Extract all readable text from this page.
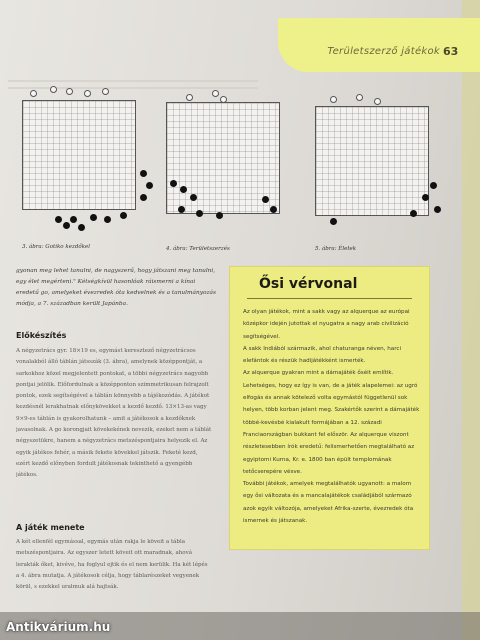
Területszerző játékok 63
3. ábra: Gotiko kezdőkel	4. ábra: Területszerzés	5. ábra: Életek

gyonan meg lehet tanulni, de nagyszerű, hogy játszani meg tanulni, egy élet megérteni." Kétségkívül hasonlóak ráismerni a kínai eredetű go, amelyeket évezredek óta kedvelnek és a tanulmányozás módja, a 7. században került Japánba.

Előkészítés
A négyzetrács gyr. 18×19 es, egymást keresztező négyzetrácsos vonalakból álló táblán játsszák (3. ábra), amelynek középpontját, a sarkokhoz közel megjelentett pontokat, a többi négyzetrács nagyobb pontjai jelölik. Előfordulnak a középponton szimmetrikusan felrajzolt pontok, ezek segítségével a táblán könnyebb a tájékozódás. A játékot kezdésnél lerakhatnak előnykövekket a kezdő kezdő. 13×13-as vagy 9×9-es táblán is gyakorolhatunk – amit a játékosok a kezdőknek javasolnak. A go korongjait kövekekének nevezik, ezeket nem a táblát négyszetükre, hanem a négyzetrács metszéspontjaira helyezik el. Az egyik játékos fehér, a másik fekete kövekkel játszik. Feketé kezd, ezért kezdő előnyben fordult játékosnak tekinthető a gyengébb játékos.
A játék menete
A két ellenfél egymással, egymás után rakja le köveit a tábla metszéspontjaira. Az egyszer letett köveit ott maradnak, ahová lerakták őket, kivéve, ha foglyul ejtik és el nem kerülik. Ha két lépés a 4. ábra mutatja. A játékosok célja, hogy táblarészeket vegyenek körül, s ezekkel uralmuk alá hajtsák.
Ősi vérvonal

Az olyan játékok, mint a sakk vagy az alquerque az európai középkor idején jutottak el nyugatra a nagy arab civilizáció segítségével.

A sakk Indiából származik, ahol chaturanga néven, harci elefántok és részük hadijátékként ismerték.

Az alquerque gyakran mint a dámajáték őséit említik. Lehetséges, hogy ez így is van, de a játék alapelemei: az ugró elfogás és annak kötelező volta egymástól függetlenül sok helyen, több korban jelent meg. Szakértők szerint a dámajáték többé-kevésbé kialakult formájában a 12. századi Franciaországban bukkant fel először. Az alquerque viszont részletesebben írók eredetű: felismerhetően megtalálható az egyiptomi Kurna, Kr. e. 1800 ban épült templomának tetőcserepére vésve.

További játékok, amelyek megtalálhatók ugyanott: a malom egy ősi változata és a mancalajátékok családjából származó azok egyik változója, amelyeket Afrika-szerte, évezredek óta ismernek és játszanak.

Antikvárium.hu
